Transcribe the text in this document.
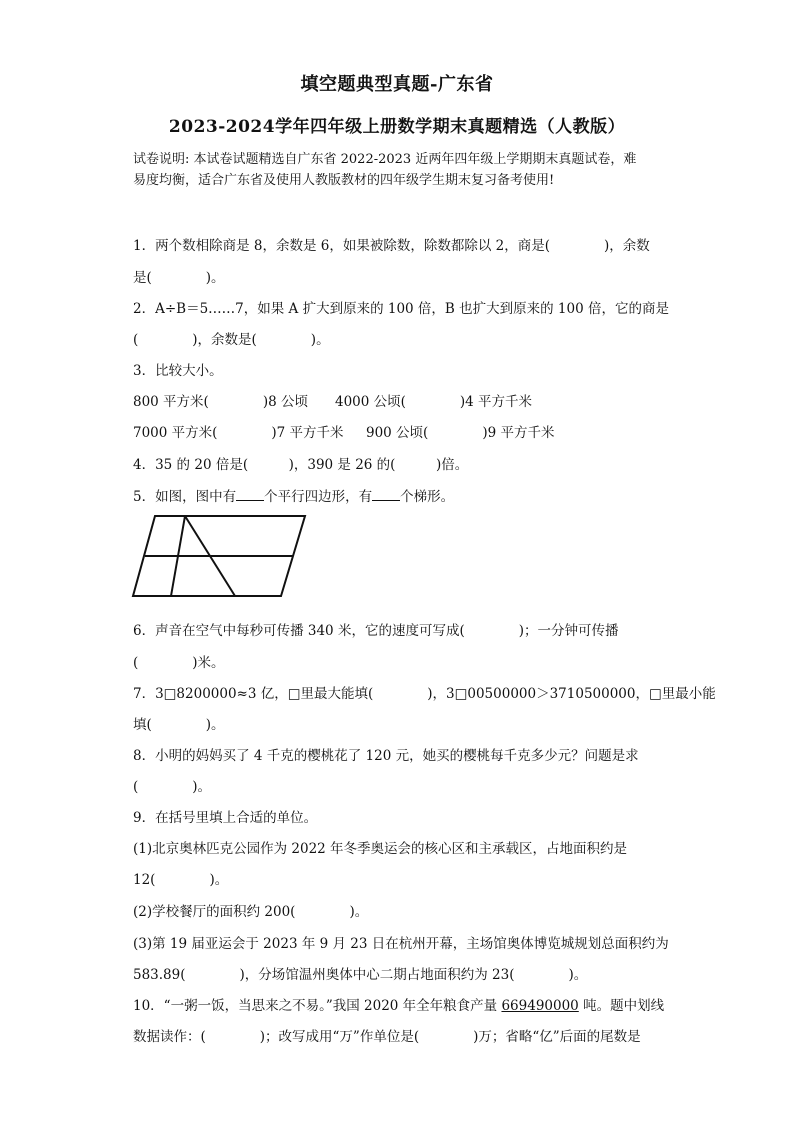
填空题典型真题-广东省
2023-2024学年四年级上册数学期末真题精选（人教版）
试卷说明: 本试卷试题精选自广东省 2022-2023 近两年四年级上学期期末真题试卷，难
易度均衡，适合广东省及使用人教版教材的四年级学生期末复习备考使用!
1．两个数相除商是 8，余数是 6，如果被除数，除数都除以 2，商是(　　　　)，余数
是(　　　　)。
2．A÷B＝5……7，如果 A 扩大到原来的 100 倍，B 也扩大到原来的 100 倍，它的商是
(　　　　)，余数是(　　　　)。
3．比较大小。
800 平方米(　　　　)8 公顷 4000 公顷(　　　　)4 平方千米
7000 平方米(　　　　)7 平方千米 900 公顷(　　　　)9 平方千米
4．35 的 20 倍是(　　　)，390 是 26 的(　　　)倍。
5．如图，图中有 个平行四边形，有 个梯形。
6．声音在空气中每秒可传播 340 米，它的速度可写成(　　　　)；一分钟可传播
(　　　　)米。
7．3□8200000≈3 亿，□里最大能填(　　　　)，3□00500000＞3710500000，□里最小能
填(　　　　)。
8．小明的妈妈买了 4 千克的樱桃花了 120 元，她买的樱桃每千克多少元？问题是求
(　　　　)。
9．在括号里填上合适的单位。
(1)北京奥林匹克公园作为 2022 年冬季奥运会的核心区和主承载区，占地面积约是
12(　　　　)。
(2)学校餐厅的面积约 200(　　　　)。
(3)第 19 届亚运会于 2023 年 9 月 23 日在杭州开幕，主场馆奥体博览城规划总面积约为
583.89(　　　　)，分场馆温州奥体中心二期占地面积约为 23(　　　　)。
10．“一粥一饭，当思来之不易。”我国 2020 年全年粮食产量 669490000 吨。题中划线
数据读作：(　　　　)；改写成用“万”作单位是(　　　　)万；省略“亿”后面的尾数是
